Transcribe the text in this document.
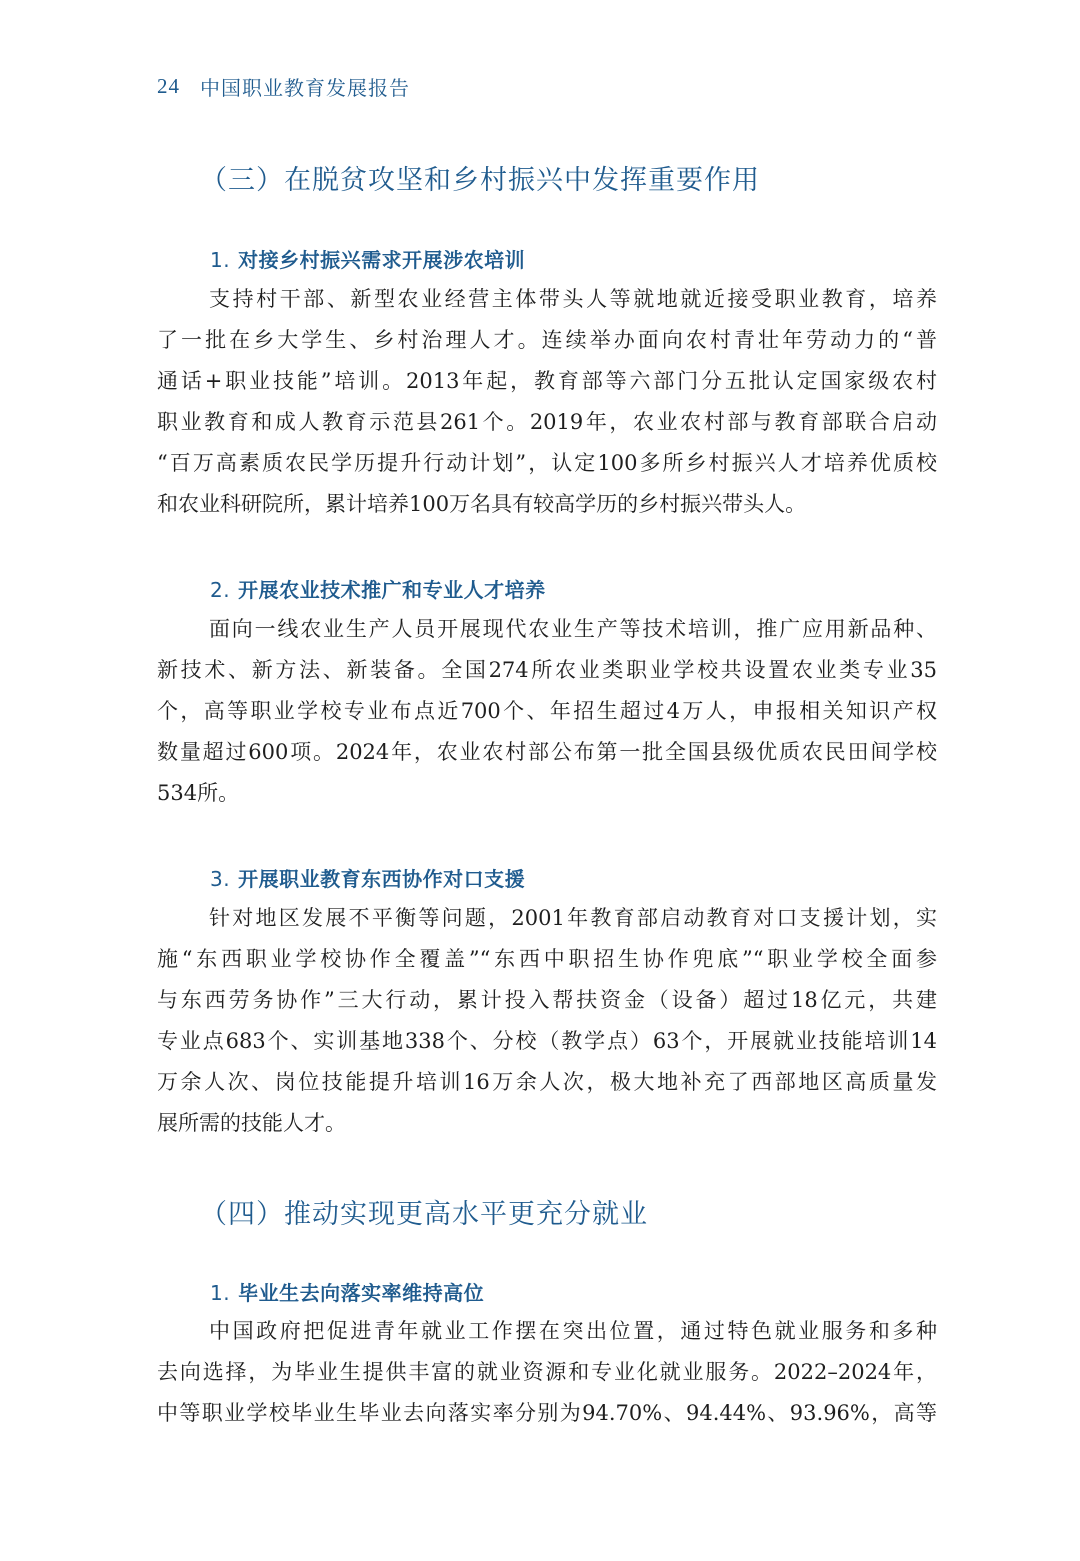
24 中国职业教育发展报告
（三）在脱贫攻坚和乡村振兴中发挥重要作用
1. 对接乡村振兴需求开展涉农培训
支持村干部、新型农业经营主体带头人等就地就近接受职业教育，培养
了一批在乡大学生、乡村治理人才。连续举办面向农村青壮年劳动力的“普
通话+职业技能”培训。2013年起，教育部等六部门分五批认定国家级农村
职业教育和成人教育示范县261个。2019年，农业农村部与教育部联合启动
“百万高素质农民学历提升行动计划”，认定100多所乡村振兴人才培养优质校
和农业科研院所，累计培养100万名具有较高学历的乡村振兴带头人。
2. 开展农业技术推广和专业人才培养
面向一线农业生产人员开展现代农业生产等技术培训，推广应用新品种、
新技术、新方法、新装备。全国274所农业类职业学校共设置农业类专业35
个，高等职业学校专业布点近700个、年招生超过4万人，申报相关知识产权
数量超过600项。2024年，农业农村部公布第一批全国县级优质农民田间学校
534所。
3. 开展职业教育东西协作对口支援
针对地区发展不平衡等问题，2001年教育部启动教育对口支援计划，实
施“东西职业学校协作全覆盖”“东西中职招生协作兜底”“职业学校全面参
与东西劳务协作”三大行动，累计投入帮扶资金（设备）超过18亿元，共建
专业点683个、实训基地338个、分校（教学点）63个，开展就业技能培训14
万余人次、岗位技能提升培训16万余人次，极大地补充了西部地区高质量发
展所需的技能人才。
（四）推动实现更高水平更充分就业
1. 毕业生去向落实率维持高位
中国政府把促进青年就业工作摆在突出位置，通过特色就业服务和多种
去向选择，为毕业生提供丰富的就业资源和专业化就业服务。2022–2024年，
中等职业学校毕业生毕业去向落实率分别为94.70%、94.44%、93.96%，高等
